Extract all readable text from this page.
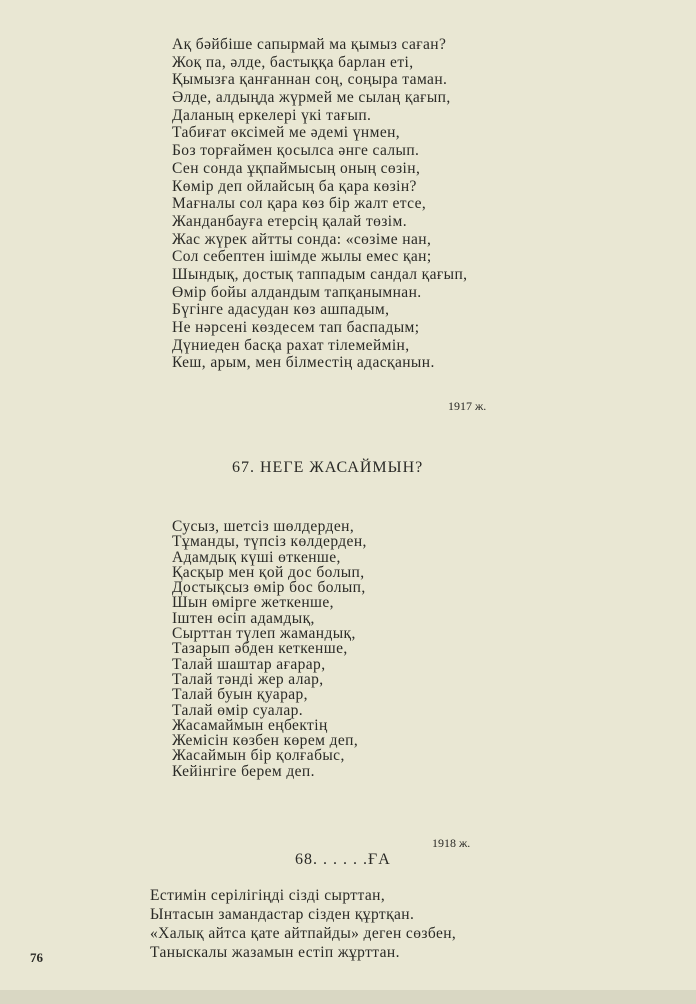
Ақ бәйбіше сапырмай ма қымыз саған?
Жоқ па, әлде, бастыққа барлан еті,
Қымызға қанғаннан соң, соңыра таман.
Әлде, алдыңда жүрмей ме сылаң қағып,
Даланың еркелері үкі тағып.
Табиғат өксімей ме әдемі үнмен,
Боз торғаймен қосылса әнге салып.
Сен сонда ұқпаймысың оның сөзін,
Көмір деп ойлайсың ба қара көзін?
Мағналы сол қара көз бір жалт етсе,
Жанданбауға етерсің қалай төзім.
Жас жүрек айтты сонда: «сөзіме нан,
Сол себептен ішімде жылы емес қан;
Шындық, достық таппадым сандал қағып,
Өмір бойы алдандым тапқанымнан.
Бүгінге адасудан көз ашпадым,
Не нәрсені көздесем тап баспадым;
Дүниеден басқа рахат тілемеймін,
Кеш, арым, мен білместің адасқанын.
1917 ж.
67. НЕГЕ ЖАСАЙМЫН?
Сусыз, шетсіз шөлдерден,
Тұманды, түпсіз көлдерден,
Адамдық күші өткенше,
Қасқыр мен қой дос болып,
Достықсыз өмір бос болып,
Шын өмірге жеткенше,
Іштен өсіп адамдық,
Сырттан түлеп жамандық,
Тазарып әбден кеткенше,
Талай шаштар ағарар,
Талай тәнді жер алар,
Талай буын қуарар,
Талай өмір суалар.
Жасамаймын еңбектің
Жемісін көзбен көрем деп,
Жасаймын бір қолғабыс,
Кейінгіге берем деп.
1918 ж.
68. . . . . .ҒА
Естимін серілігіңді сізді сырттан,
Ынтасын замандастар сізден құртқан.
«Халық айтса қате айтпайды» деген сөзбен,
Таныскалы жазамын естіп жұрттан.
76
